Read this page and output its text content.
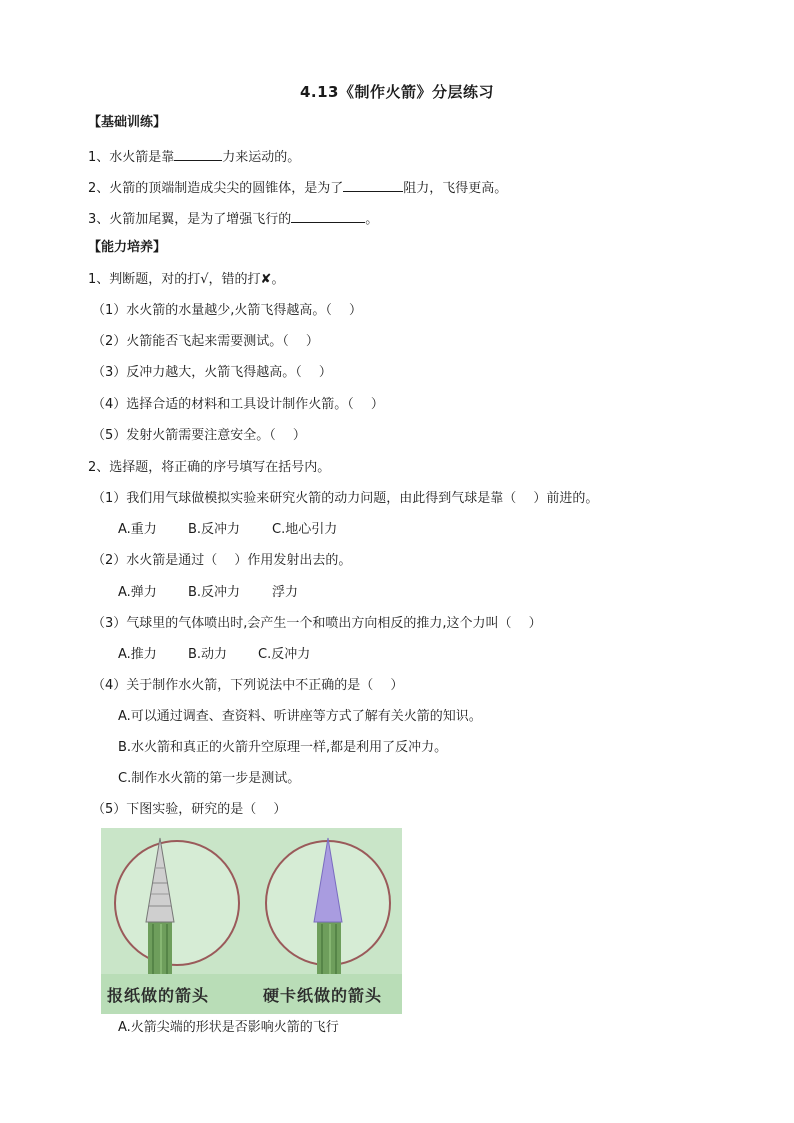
4.13《制作火箭》分层练习
【基础训练】
1、水火箭是靠	力来运动的。
2、火箭的顶端制造成尖尖的圆锥体，是为了	阻力，飞得更高。
3、火箭加尾翼，是为了增强飞行的	。
【能力培养】
1、判断题，对的打√，错的打✘。
（1）水火箭的水量越少,火箭飞得越高。（　 ）
（2）火箭能否飞起来需要测试。（　 ）
（3）反冲力越大，火箭飞得越高。（　 ）
（4）选择合适的材料和工具设计制作火箭。（　 ）
（5）发射火箭需要注意安全。（　 ）
2、选择题，将正确的序号填写在括号内。
（1）我们用气球做模拟实验来研究火箭的动力问题，由此得到气球是靠（　 ）前进的。
A.重力 B.反冲力 C.地心引力
（2）水火箭是通过（　 ）作用发射出去的。
A.弹力 B.反冲力 浮力
（3）气球里的气体喷出时,会产生一个和喷出方向相反的推力,这个力叫（　 ）
A.推力 B.动力 C.反冲力
（4）关于制作水火箭，下列说法中不正确的是（　 ）
A.可以通过调查、查资料、听讲座等方式了解有关火箭的知识。
B.水火箭和真正的火箭升空原理一样,都是利用了反冲力。
C.制作水火箭的第一步是测试。
（5）下图实验，研究的是（　 ）
报纸做的箭头	硬卡纸做的箭头
A.火箭尖端的形状是否影响火箭的飞行
